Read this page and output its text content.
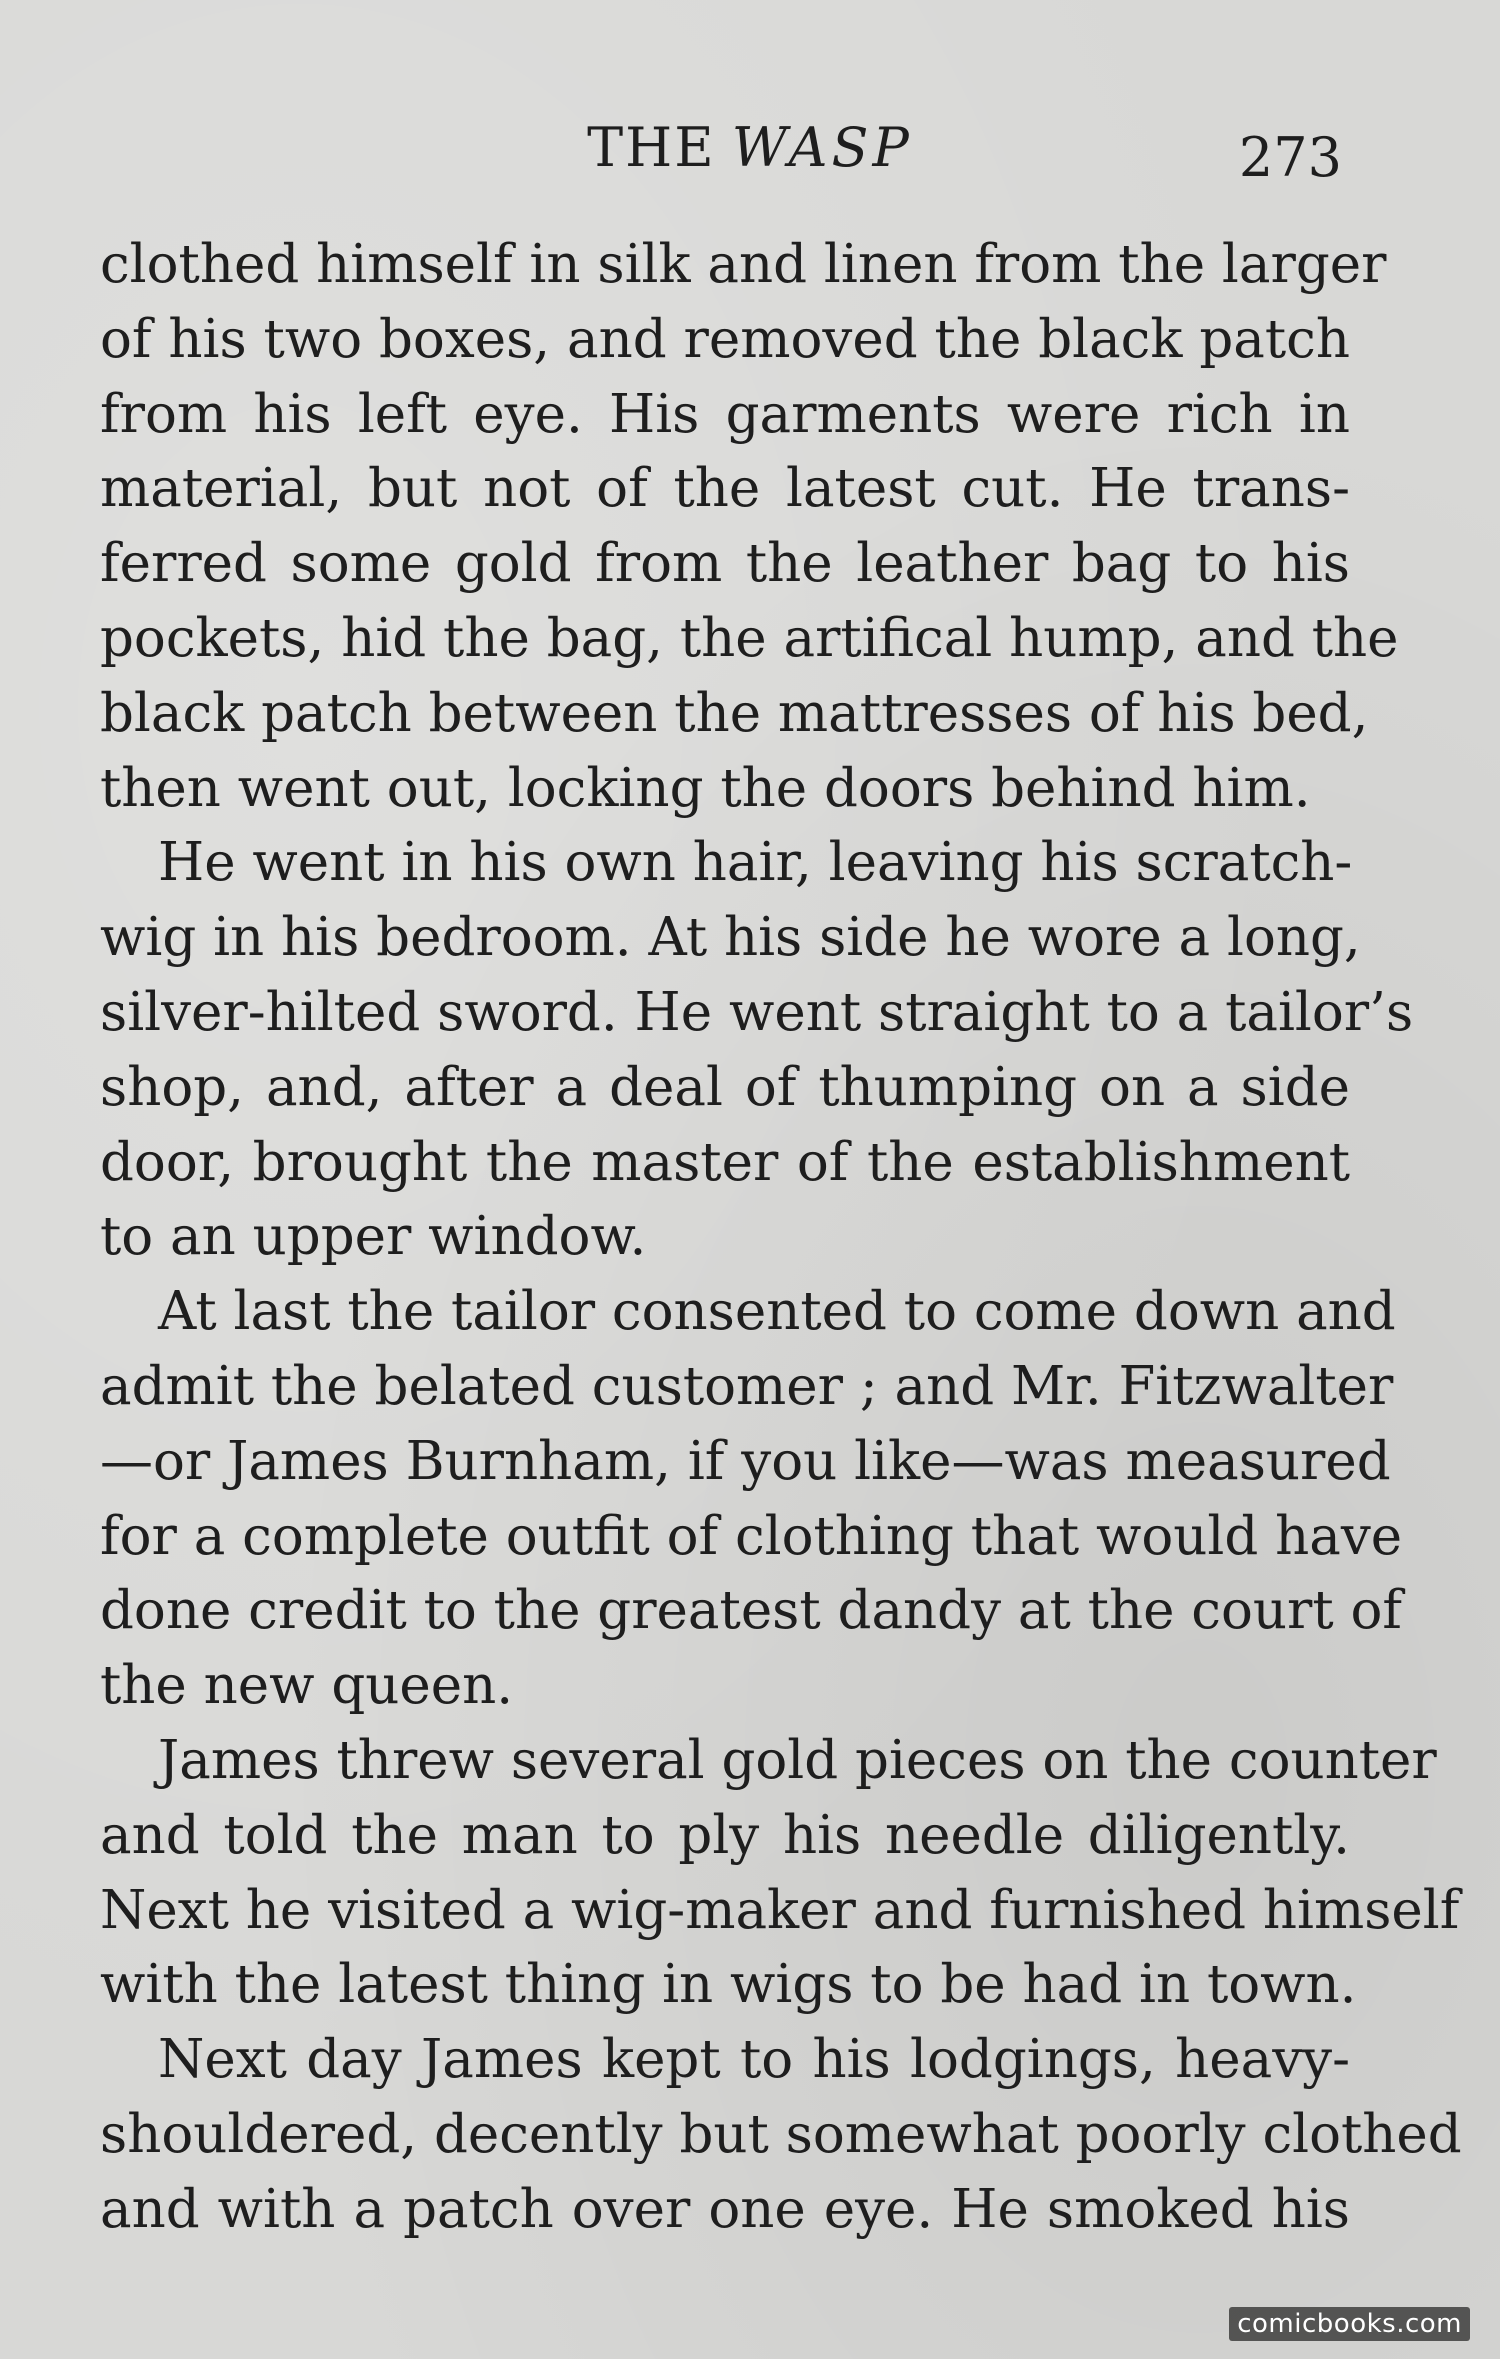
THE WASP	273
clothed himself in silk and linen from the larger
of his two boxes, and removed the black patch
from his left eye. His garments were rich in
material, but not of the latest cut. He trans-
ferred some gold from the leather bag to his
pockets, hid the bag, the artifical hump, and the
black patch between the mattresses of his bed,
then went out, locking the doors behind him.
He went in his own hair, leaving his scratch-
wig in his bedroom. At his side he wore a long,
silver-hilted sword. He went straight to a tailor’s
shop, and, after a deal of thumping on a side
door, brought the master of the establishment
to an upper window.
At last the tailor consented to come down and
admit the belated customer ; and Mr. Fitzwalter
—or James Burnham, if you like—was measured
for a complete outfit of clothing that would have
done credit to the greatest dandy at the court of
the new queen.
James threw several gold pieces on the counter
and told the man to ply his needle diligently.
Next he visited a wig-maker and furnished himself
with the latest thing in wigs to be had in town.
Next day James kept to his lodgings, heavy-
shouldered, decently but somewhat poorly clothed
and with a patch over one eye. He smoked his
comicbooks.com
